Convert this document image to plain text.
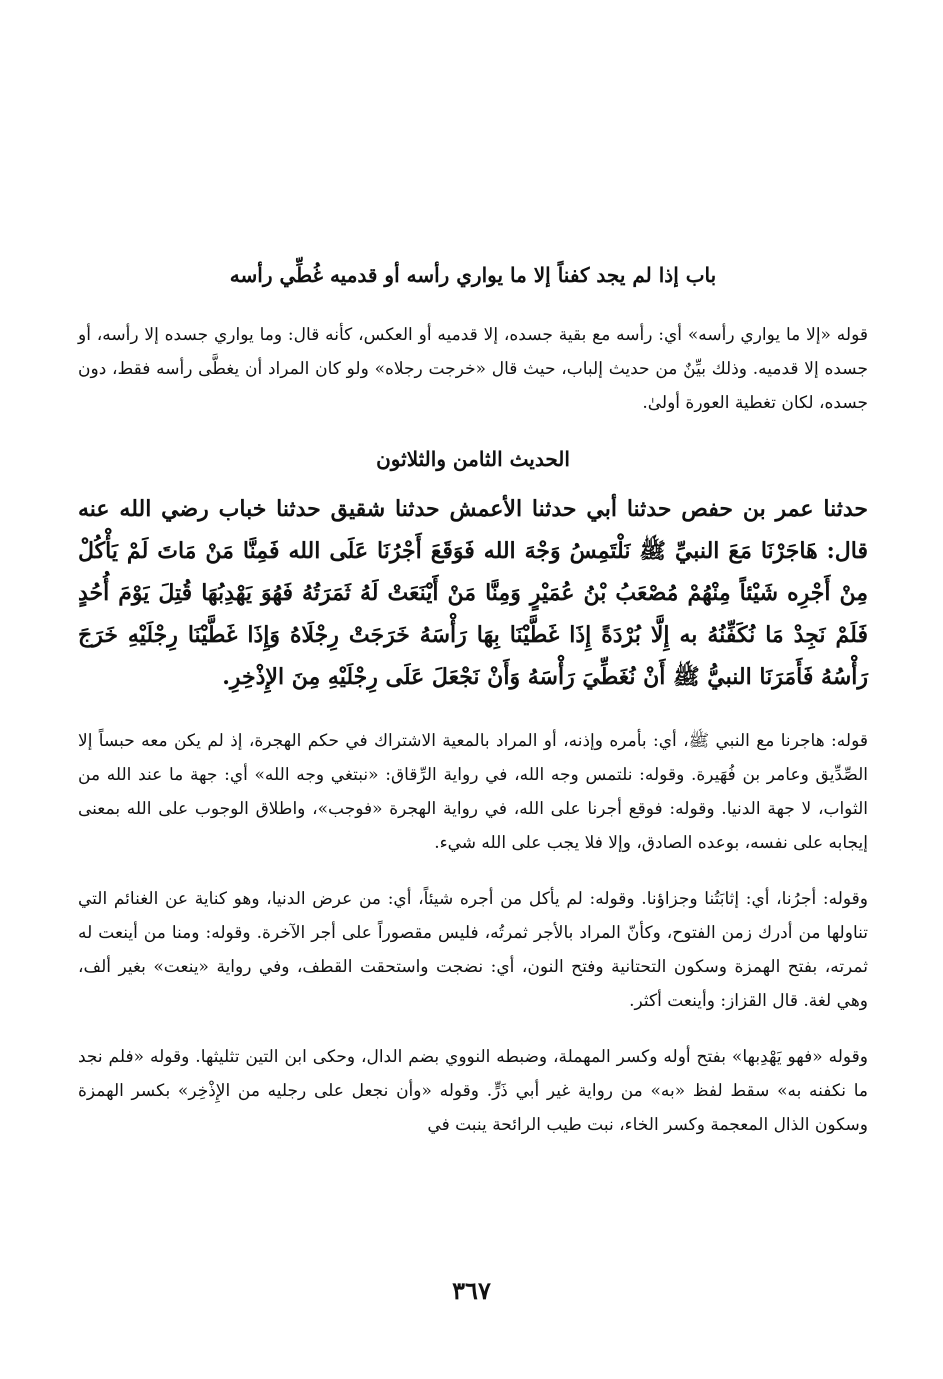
باب إذا لم يجد كفناً إلا ما يواري رأسه أو قدميه غُطِّي رأسه

قوله «إلا ما يواري رأسه» أي: رأسه مع بقية جسده، إلا قدميه أو العكس، كأنه قال: وما يواري جسده إلا رأسه، أو جسده إلا قدميه. وذلك بيِّنٌ من حديث إلباب، حيث قال «خرجت رجلاه» ولو كان المراد أن يغطَّى رأسه فقط، دون جسده، لكان تغطية العورة أولىٰ.

الحديث الثامن والثلاثون

حدثنا عمر بن حفص حدثنا أبي حدثنا الأعمش حدثنا شقيق حدثنا خباب رضي الله عنه قال: هَاجَرْنَا مَعَ النبيِّ ﷺ نَلْتَمِسُ وَجْهَ الله فَوَقَعَ أَجْرُنَا عَلَى الله فَمِنَّا مَنْ مَاتَ لَمْ يَأْكُلْ مِنْ أَجْرِه شَيْئاً مِنْهُمْ مُصْعَبُ بْنُ عُمَيْرٍ وَمِنَّا مَنْ أَيْنَعَتْ لَهُ ثَمَرَتُهُ فَهُوَ يَهْدِبُهَا قُتِلَ يَوْمَ أُحُدٍ فَلَمْ نَجِدْ مَا نُكَفِّنُهُ به إِلَّا بُرْدَةً إِذَا غَطَّيْنَا بِهَا رَأْسَهُ خَرَجَتْ رِجْلَاهُ وَإِذَا غَطَّيْنَا رِجْلَيْهِ خَرَجَ رَأْسُهُ فَأَمَرَنَا النبيُّ ﷺ أَنْ نُغَطِّيَ رَأْسَهُ وَأَنْ نَجْعَلَ عَلَى رِجْلَيْهِ مِنَ الإِذْخِرِ.

قوله: هاجرنا مع النبي ﷺ، أي: بأمره وإذنه، أو المراد بالمعية الاشتراك في حكم الهجرة، إذ لم يكن معه حبساً إلا الصِّدِّيق وعامر بن فُهَيرة. وقوله: نلتمس وجه الله، في رواية الرِّقاق: «نبتغي وجه الله» أي: جهة ما عند الله من الثواب، لا جهة الدنيا. وقوله: فوقع أجرنا على الله، في رواية الهجرة «فوجب»، واطلاق الوجوب على الله بمعنى إيجابه على نفسه، بوعده الصادق، وإلا فلا يجب على الله شيء.

وقوله: أجرُنا، أي: إثابَتُنا وجزاؤنا. وقوله: لم يأكل من أجره شيئاً، أي: من عرض الدنيا، وهو كناية عن الغنائم التي تناولها من أدرك زمن الفتوح، وكأنّ المراد بالأجر ثمرتُه، فليس مقصوراً على أجر الآخرة. وقوله: ومنا من أينعت له ثمرته، بفتح الهمزة وسكون التحتانية وفتح النون، أي: نضجت واستحقت القطف، وفي رواية «ينعت» بغير ألف، وهي لغة. قال القزاز: وأينعت أكثر.

وقوله «فهو يَهْدِبها» بفتح أوله وكسر المهملة، وضبطه النووي بضم الدال، وحكى ابن التين تثليثها. وقوله «فلم نجد ما نكفنه به» سقط لفظ «به» من رواية غير أبي ذَرٍّ. وقوله «وأن نجعل على رجليه من الإِذْخِر» بكسر الهمزة وسكون الذال المعجمة وكسر الخاء، نبت طيب الرائحة ينبت في

٣٦٧
